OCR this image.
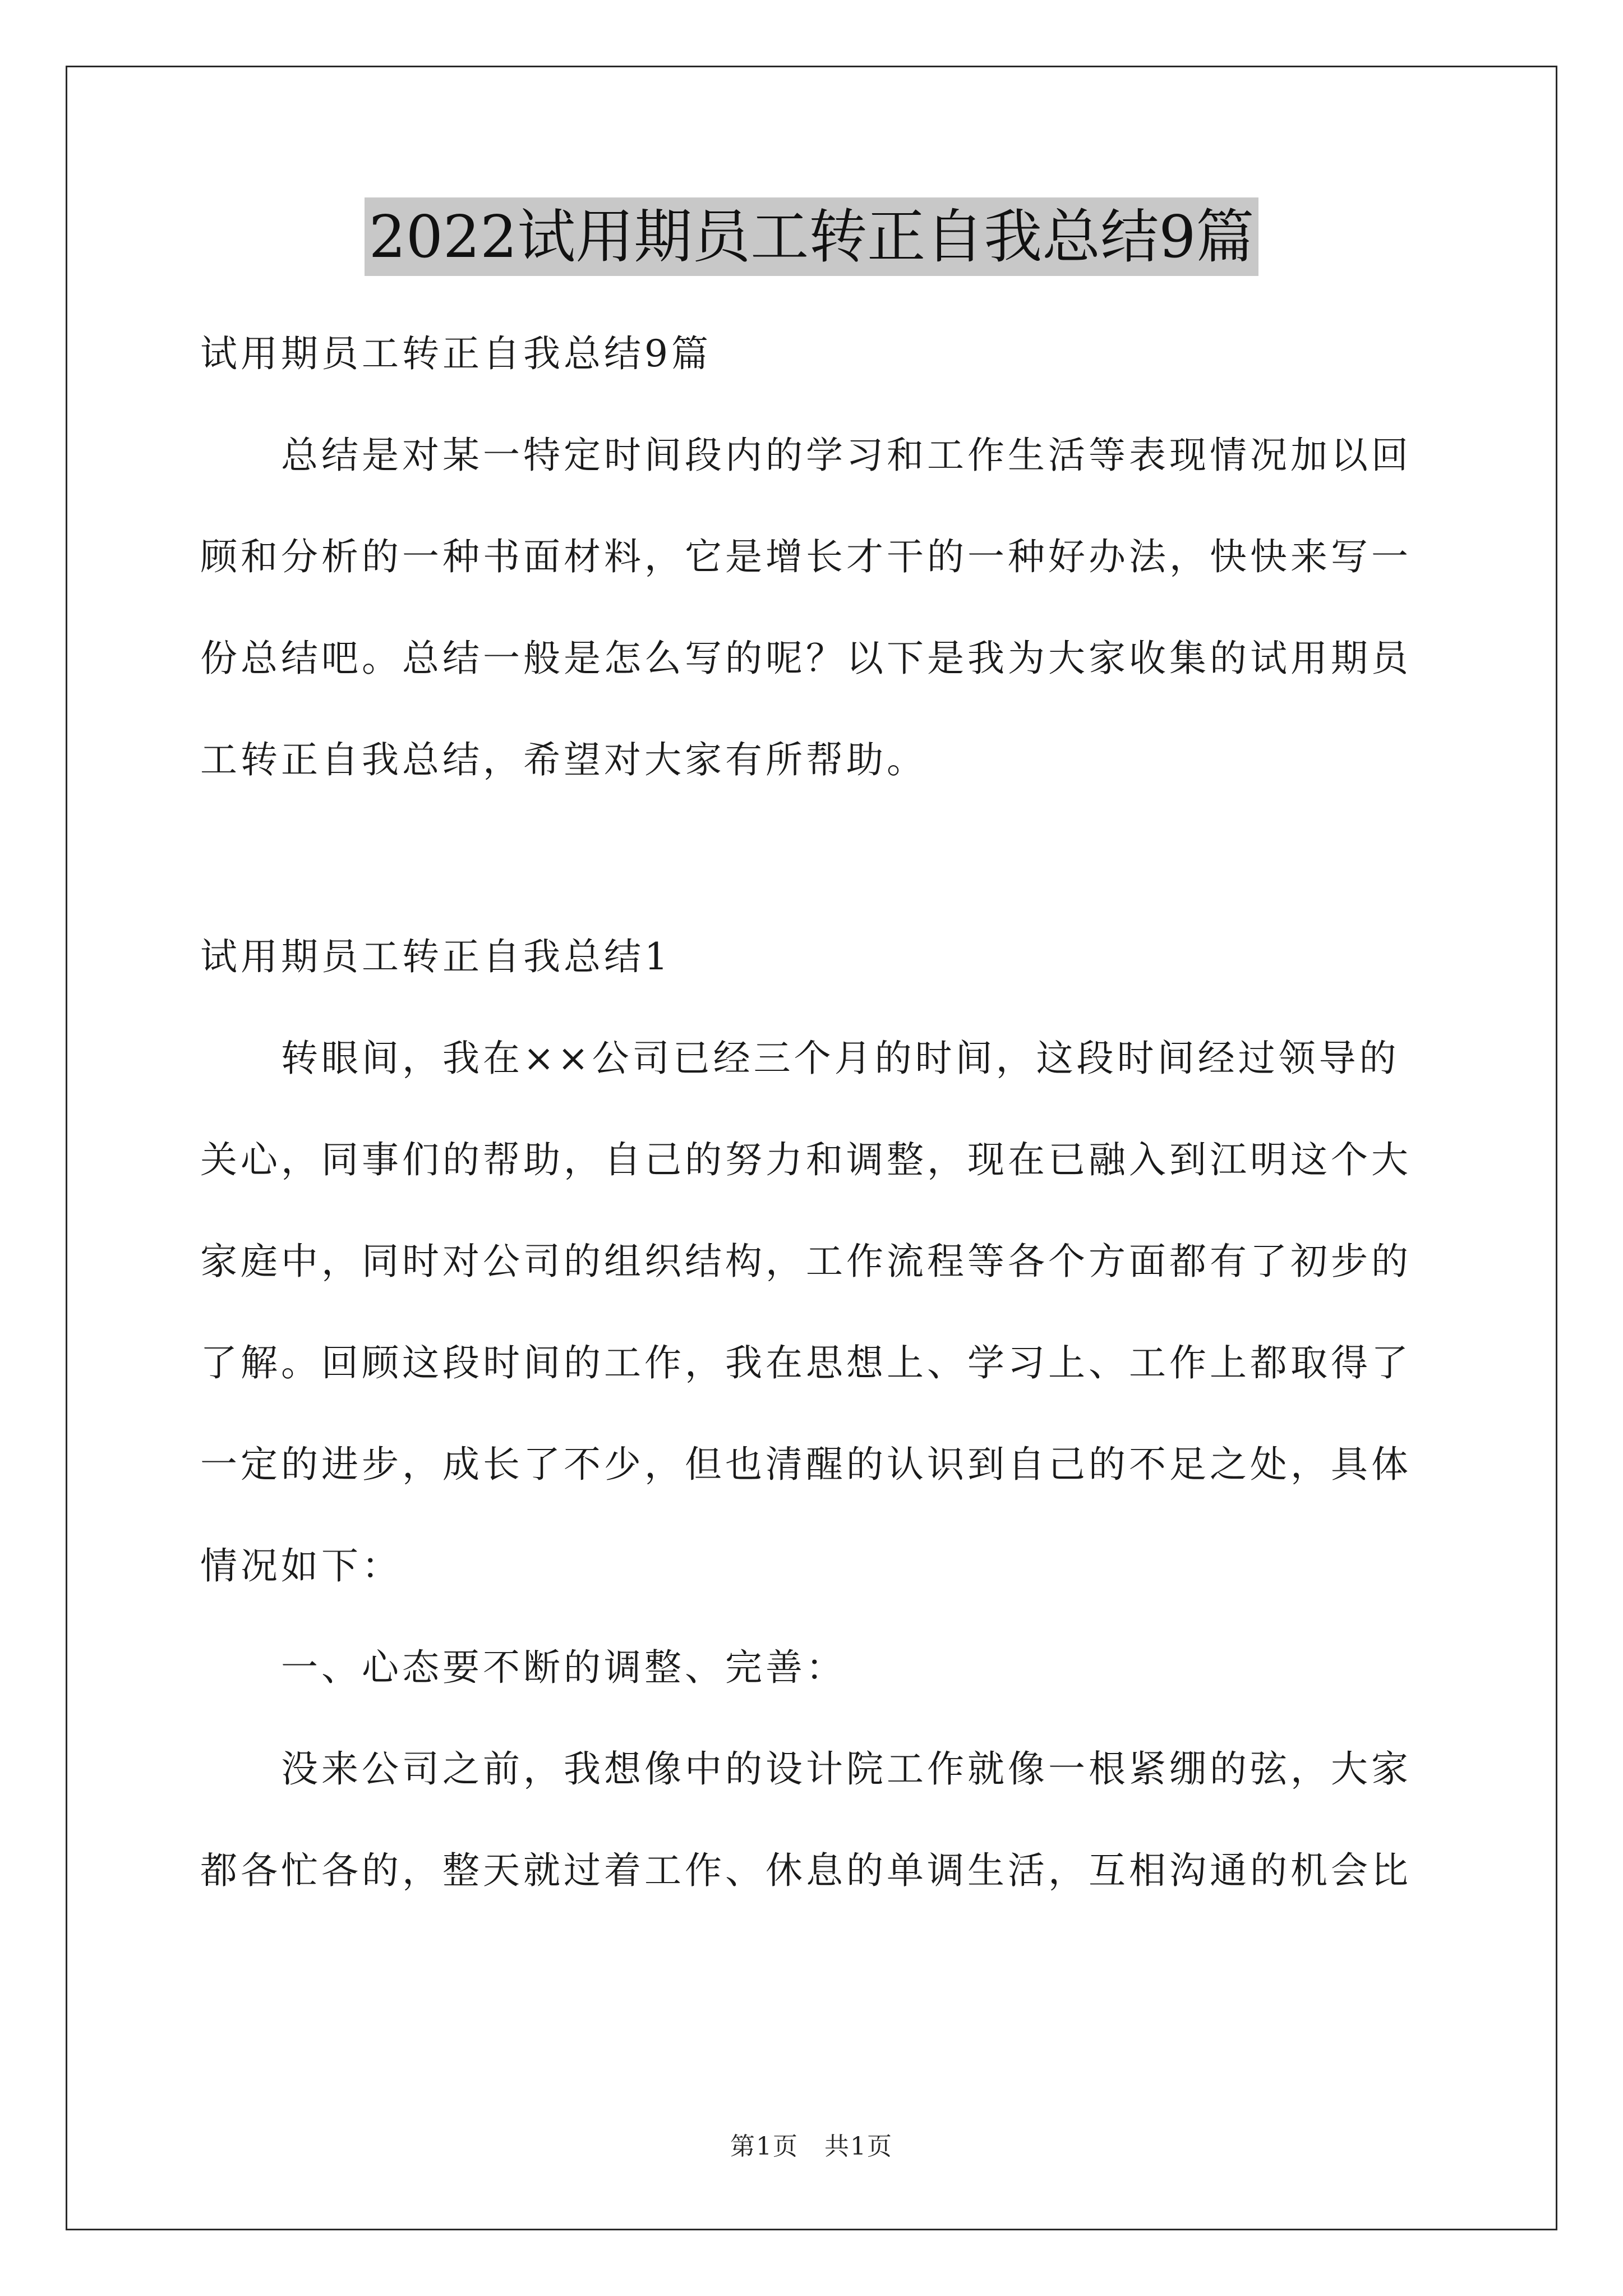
2022试用期员工转正自我总结9篇

试用期员工转正自我总结9篇

总结是对某一特定时间段内的学习和工作生活等表现情况加以回顾和分析的一种书面材料，它是增长才干的一种好办法，快快来写一份总结吧。总结一般是怎么写的呢？以下是我为大家收集的试用期员工转正自我总结，希望对大家有所帮助。

试用期员工转正自我总结1

转眼间，我在××公司已经三个月的时间，这段时间经过领导的关心，同事们的帮助，自己的努力和调整，现在已融入到江明这个大家庭中，同时对公司的组织结构，工作流程等各个方面都有了初步的了解。回顾这段时间的工作，我在思想上、学习上、工作上都取得了一定的进步，成长了不少，但也清醒的认识到自己的不足之处，具体情况如下：

一、心态要不断的调整、完善：

没来公司之前，我想像中的设计院工作就像一根紧绷的弦，大家都各忙各的，整天就过着工作、休息的单调生活，互相沟通的机会比

第1页　共1页
